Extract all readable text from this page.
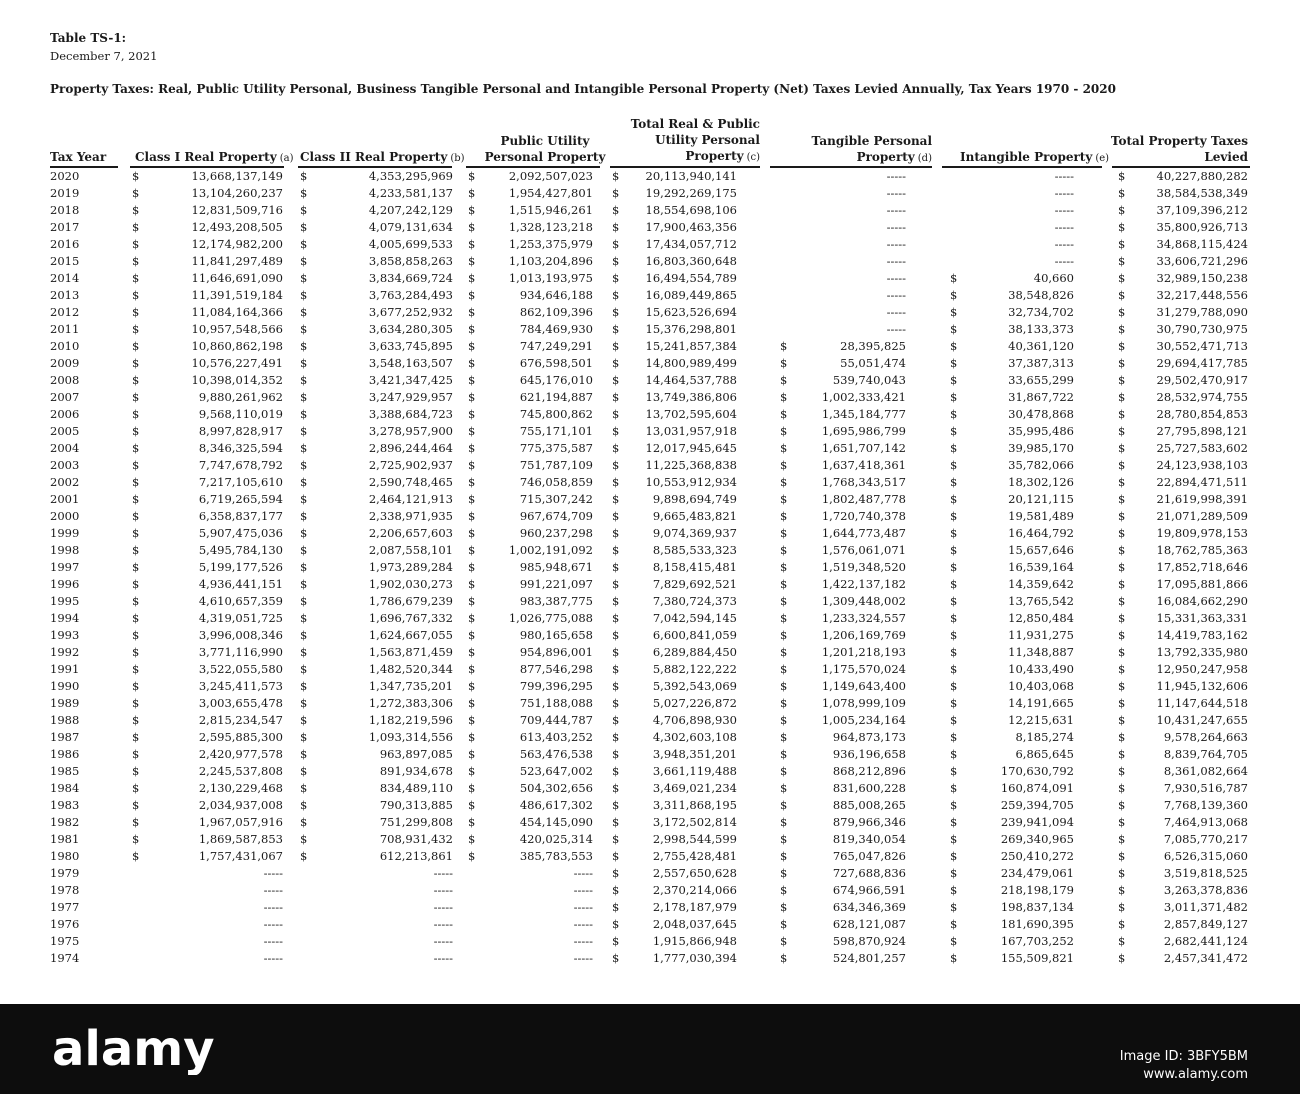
Table TS-1:
December 7, 2021
Property Taxes: Real, Public Utility Personal, Business Tangible Personal and Intangible Personal Property (Net) Taxes Levied Annually, Tax Years 1970 - 2020
Tax Year Class I Real Property (a) Class II Real Property (b)
Public Utility
Personal Property
Total Real & Public
Utility Personal
Property (c)
Tangible Personal
Property (d) Intangible Property (e)
Total Property Taxes
Levied
2020	$	13,668,137,149 $	4,353,295,969 $	2,092,507,023 $	20,113,940,141	-----	-----	$	40,227,880,282
2019	$	13,104,260,237 $	4,233,581,137 $	1,954,427,801 $	19,292,269,175	-----	-----	$	38,584,538,349
2018	$	12,831,509,716 $	4,207,242,129 $	1,515,946,261 $	18,554,698,106	-----	-----	$	37,109,396,212
2017	$	12,493,208,505 $	4,079,131,634 $	1,328,123,218 $	17,900,463,356	-----	-----	$	35,800,926,713
2016	$	12,174,982,200 $	4,005,699,533 $	1,253,375,979 $	17,434,057,712	-----	-----	$	34,868,115,424
2015	$	11,841,297,489 $	3,858,858,263 $	1,103,204,896 $	16,803,360,648	-----	-----	$	33,606,721,296
2014	$	11,646,691,090 $	3,834,669,724 $	1,013,193,975 $	16,494,554,789	-----	$	40,660	$	32,989,150,238
2013	$	11,391,519,184 $	3,763,284,493 $	934,646,188 $	16,089,449,865	-----	$	38,548,826	$	32,217,448,556
2012	$	11,084,164,366 $	3,677,252,932 $	862,109,396 $	15,623,526,694	-----	$	32,734,702	$	31,279,788,090
2011	$	10,957,548,566 $	3,634,280,305 $	784,469,930 $	15,376,298,801	-----	$	38,133,373	$	30,790,730,975
2010	$	10,860,862,198 $	3,633,745,895 $	747,249,291 $	15,241,857,384	$	28,395,825	$	40,361,120	$	30,552,471,713
2009	$	10,576,227,491 $	3,548,163,507 $	676,598,501 $	14,800,989,499	$	55,051,474	$	37,387,313	$	29,694,417,785
2008	$	10,398,014,352 $	3,421,347,425 $	645,176,010 $	14,464,537,788	$	539,740,043	$	33,655,299	$	29,502,470,917
2007	$	9,880,261,962 $	3,247,929,957 $	621,194,887 $	13,749,386,806	$	1,002,333,421	$	31,867,722	$	28,532,974,755
2006	$	9,568,110,019 $	3,388,684,723 $	745,800,862 $	13,702,595,604	$	1,345,184,777	$	30,478,868	$	28,780,854,853
2005	$	8,997,828,917 $	3,278,957,900 $	755,171,101 $	13,031,957,918	$	1,695,986,799	$	35,995,486	$	27,795,898,121
2004	$	8,346,325,594 $	2,896,244,464 $	775,375,587 $	12,017,945,645	$	1,651,707,142	$	39,985,170	$	25,727,583,602
2003	$	7,747,678,792 $	2,725,902,937 $	751,787,109 $	11,225,368,838	$	1,637,418,361	$	35,782,066	$	24,123,938,103
2002	$	7,217,105,610 $	2,590,748,465 $	746,058,859 $	10,553,912,934	$	1,768,343,517	$	18,302,126	$	22,894,471,511
2001	$	6,719,265,594 $	2,464,121,913 $	715,307,242 $	9,898,694,749	$	1,802,487,778	$	20,121,115	$	21,619,998,391
2000	$	6,358,837,177 $	2,338,971,935 $	967,674,709 $	9,665,483,821	$	1,720,740,378	$	19,581,489	$	21,071,289,509
1999	$	5,907,475,036 $	2,206,657,603 $	960,237,298 $	9,074,369,937	$	1,644,773,487	$	16,464,792	$	19,809,978,153
1998	$	5,495,784,130 $	2,087,558,101 $	1,002,191,092 $	8,585,533,323	$	1,576,061,071	$	15,657,646	$	18,762,785,363
1997	$	5,199,177,526 $	1,973,289,284 $	985,948,671 $	8,158,415,481	$	1,519,348,520	$	16,539,164	$	17,852,718,646
1996	$	4,936,441,151 $	1,902,030,273 $	991,221,097 $	7,829,692,521	$	1,422,137,182	$	14,359,642	$	17,095,881,866
1995	$	4,610,657,359 $	1,786,679,239 $	983,387,775 $	7,380,724,373	$	1,309,448,002	$	13,765,542	$	16,084,662,290
1994	$	4,319,051,725 $	1,696,767,332 $	1,026,775,088 $	7,042,594,145	$	1,233,324,557	$	12,850,484	$	15,331,363,331
1993	$	3,996,008,346 $	1,624,667,055 $	980,165,658 $	6,600,841,059	$	1,206,169,769	$	11,931,275	$	14,419,783,162
1992	$	3,771,116,990 $	1,563,871,459 $	954,896,001 $	6,289,884,450	$	1,201,218,193	$	11,348,887	$	13,792,335,980
1991	$	3,522,055,580 $	1,482,520,344 $	877,546,298 $	5,882,122,222	$	1,175,570,024	$	10,433,490	$	12,950,247,958
1990	$	3,245,411,573 $	1,347,735,201 $	799,396,295 $	5,392,543,069	$	1,149,643,400	$	10,403,068	$	11,945,132,606
1989	$	3,003,655,478 $	1,272,383,306 $	751,188,088 $	5,027,226,872	$	1,078,999,109	$	14,191,665	$	11,147,644,518
1988	$	2,815,234,547 $	1,182,219,596 $	709,444,787 $	4,706,898,930	$	1,005,234,164	$	12,215,631	$	10,431,247,655
1987	$	2,595,885,300 $	1,093,314,556 $	613,403,252 $	4,302,603,108	$	964,873,173	$	8,185,274	$	9,578,264,663
1986	$	2,420,977,578 $	963,897,085 $	563,476,538 $	3,948,351,201	$	936,196,658	$	6,865,645	$	8,839,764,705
1985	$	2,245,537,808 $	891,934,678 $	523,647,002 $	3,661,119,488	$	868,212,896	$	170,630,792	$	8,361,082,664
1984	$	2,130,229,468 $	834,489,110 $	504,302,656 $	3,469,021,234	$	831,600,228	$	160,874,091	$	7,930,516,787
1983	$	2,034,937,008 $	790,313,885 $	486,617,302 $	3,311,868,195	$	885,008,265	$	259,394,705	$	7,768,139,360
1982	$	1,967,057,916 $	751,299,808 $	454,145,090 $	3,172,502,814	$	879,966,346	$	239,941,094	$	7,464,913,068
1981	$	1,869,587,853 $	708,931,432 $	420,025,314 $	2,998,544,599	$	819,340,054	$	269,340,965	$	7,085,770,217
1980	$	1,757,431,067 $	612,213,861 $	385,783,553 $	2,755,428,481	$	765,047,826	$	250,410,272	$	6,526,315,060
1979	-----	-----	----- $	2,557,650,628	$	727,688,836	$	234,479,061	$	3,519,818,525
1978	-----	-----	----- $	2,370,214,066	$	674,966,591	$	218,198,179	$	3,263,378,836
1977	-----	-----	----- $	2,178,187,979	$	634,346,369	$	198,837,134	$	3,011,371,482
1976	-----	-----	----- $	2,048,037,645	$	628,121,087	$	181,690,395	$	2,857,849,127
1975	-----	-----	----- $	1,915,866,948	$	598,870,924	$	167,703,252	$	2,682,441,124
1974	-----	-----	----- $	1,777,030,394	$	524,801,257	$	155,509,821	$	2,457,341,472
alamy	Image ID: 3BFY5BM
www.alamy.com
